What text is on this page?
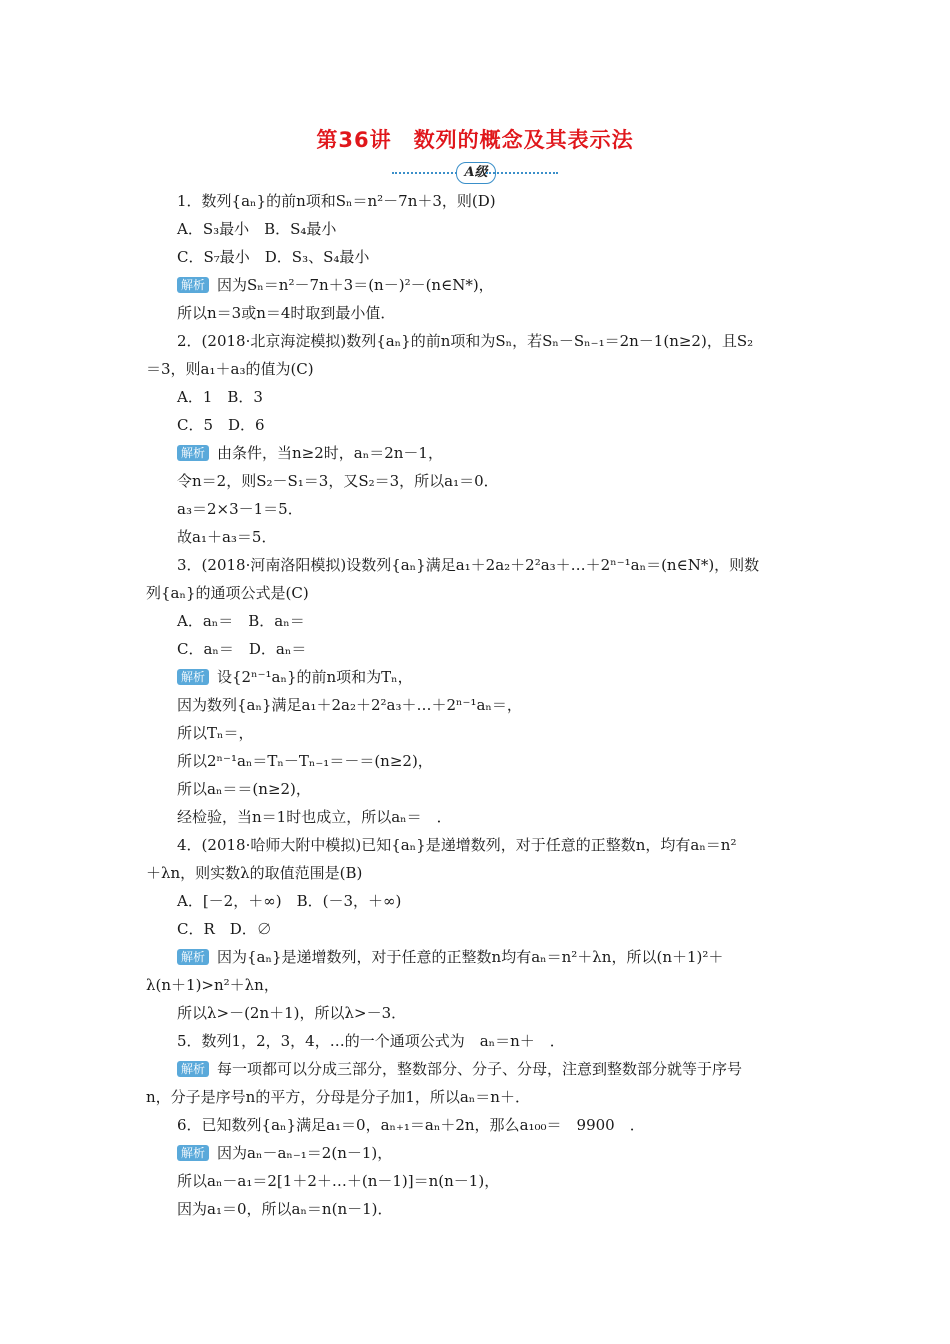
第36讲　数列的概念及其表示法
A级
1．数列{aₙ}的前n项和Sₙ＝n²－7n＋3，则(D)
A．S₃最小　B．S₄最小
C．S₇最小　D．S₃、S₄最小
解析 因为Sₙ＝n²－7n＋3＝(n－)²－(n∈N*)，
所以n＝3或n＝4时取到最小值．
2．(2018·北京海淀模拟)数列{aₙ}的前n项和为Sₙ，若Sₙ－Sₙ₋₁＝2n－1(n≥2)，且S₂
＝3，则a₁＋a₃的值为(C)
A．1　B．3
C．5　D．6
解析 由条件，当n≥2时，aₙ＝2n－1，
令n＝2，则S₂－S₁＝3，又S₂＝3，所以a₁＝0．
a₃＝2×3－1＝5．
故a₁＋a₃＝5．
3．(2018·河南洛阳模拟)设数列{aₙ}满足a₁＋2a₂＋2²a₃＋…＋2ⁿ⁻¹aₙ＝(n∈N*)，则数
列{aₙ}的通项公式是(C)
A．aₙ＝　B．aₙ＝
C．aₙ＝　D．aₙ＝
解析 设{2ⁿ⁻¹aₙ}的前n项和为Tₙ，
因为数列{aₙ}满足a₁＋2a₂＋2²a₃＋…＋2ⁿ⁻¹aₙ＝，
所以Tₙ＝，
所以2ⁿ⁻¹aₙ＝Tₙ－Tₙ₋₁＝－＝(n≥2)，
所以aₙ＝＝(n≥2)，
经检验，当n＝1时也成立，所以aₙ＝　．
4．(2018·哈师大附中模拟)已知{aₙ}是递增数列，对于任意的正整数n，均有aₙ＝n²
＋λn，则实数λ的取值范围是(B)
A．[－2，＋∞)　B．(－3，＋∞)
C．R　D．∅
解析 因为{aₙ}是递增数列，对于任意的正整数n均有aₙ＝n²＋λn，所以(n＋1)²＋
λ(n＋1)>n²＋λn，
所以λ>－(2n＋1)，所以λ>－3．
5．数列1，2，3，4，…的一个通项公式为　aₙ＝n＋　．
解析 每一项都可以分成三部分，整数部分、分子、分母，注意到整数部分就等于序号
n，分子是序号n的平方，分母是分子加1，所以aₙ＝n＋．
6．已知数列{aₙ}满足a₁＝0，aₙ₊₁＝aₙ＋2n，那么a₁₀₀＝　9900　．
解析 因为aₙ－aₙ₋₁＝2(n－1)，
所以aₙ－a₁＝2[1＋2＋…＋(n－1)]＝n(n－1)，
因为a₁＝0，所以aₙ＝n(n－1)．
